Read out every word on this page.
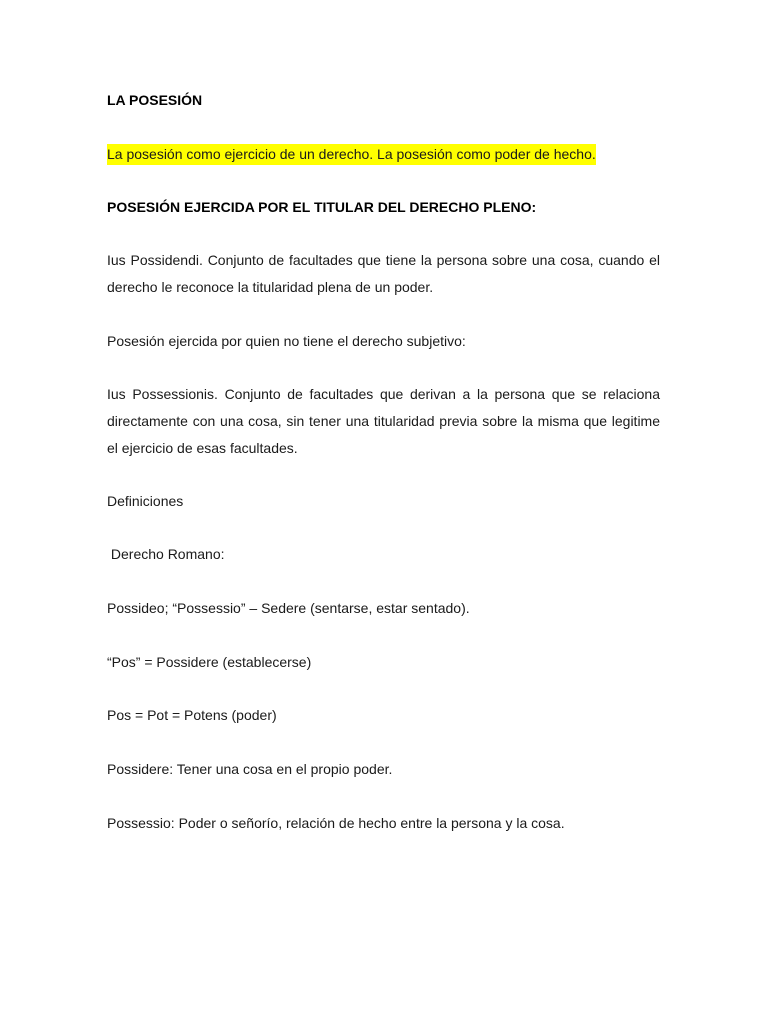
LA POSESIÓN

La posesión como ejercicio de un derecho. La posesión como poder de hecho.

POSESIÓN EJERCIDA POR EL TITULAR DEL DERECHO PLENO:

Ius Possidendi. Conjunto de facultades que tiene la persona sobre una cosa, cuando el derecho le reconoce la titularidad plena de un poder.

Posesión ejercida por quien no tiene el derecho subjetivo:

Ius Possessionis. Conjunto de facultades que derivan a la persona que se relaciona directamente con una cosa, sin tener una titularidad previa sobre la misma que legitime el ejercicio de esas facultades.

Definiciones

Derecho Romano:

Possideo; “Possessio” – Sedere (sentarse, estar sentado).

“Pos” = Possidere (establecerse)

Pos = Pot = Potens (poder)

Possidere: Tener una cosa en el propio poder.

Possessio: Poder o señorío, relación de hecho entre la persona y la cosa.
